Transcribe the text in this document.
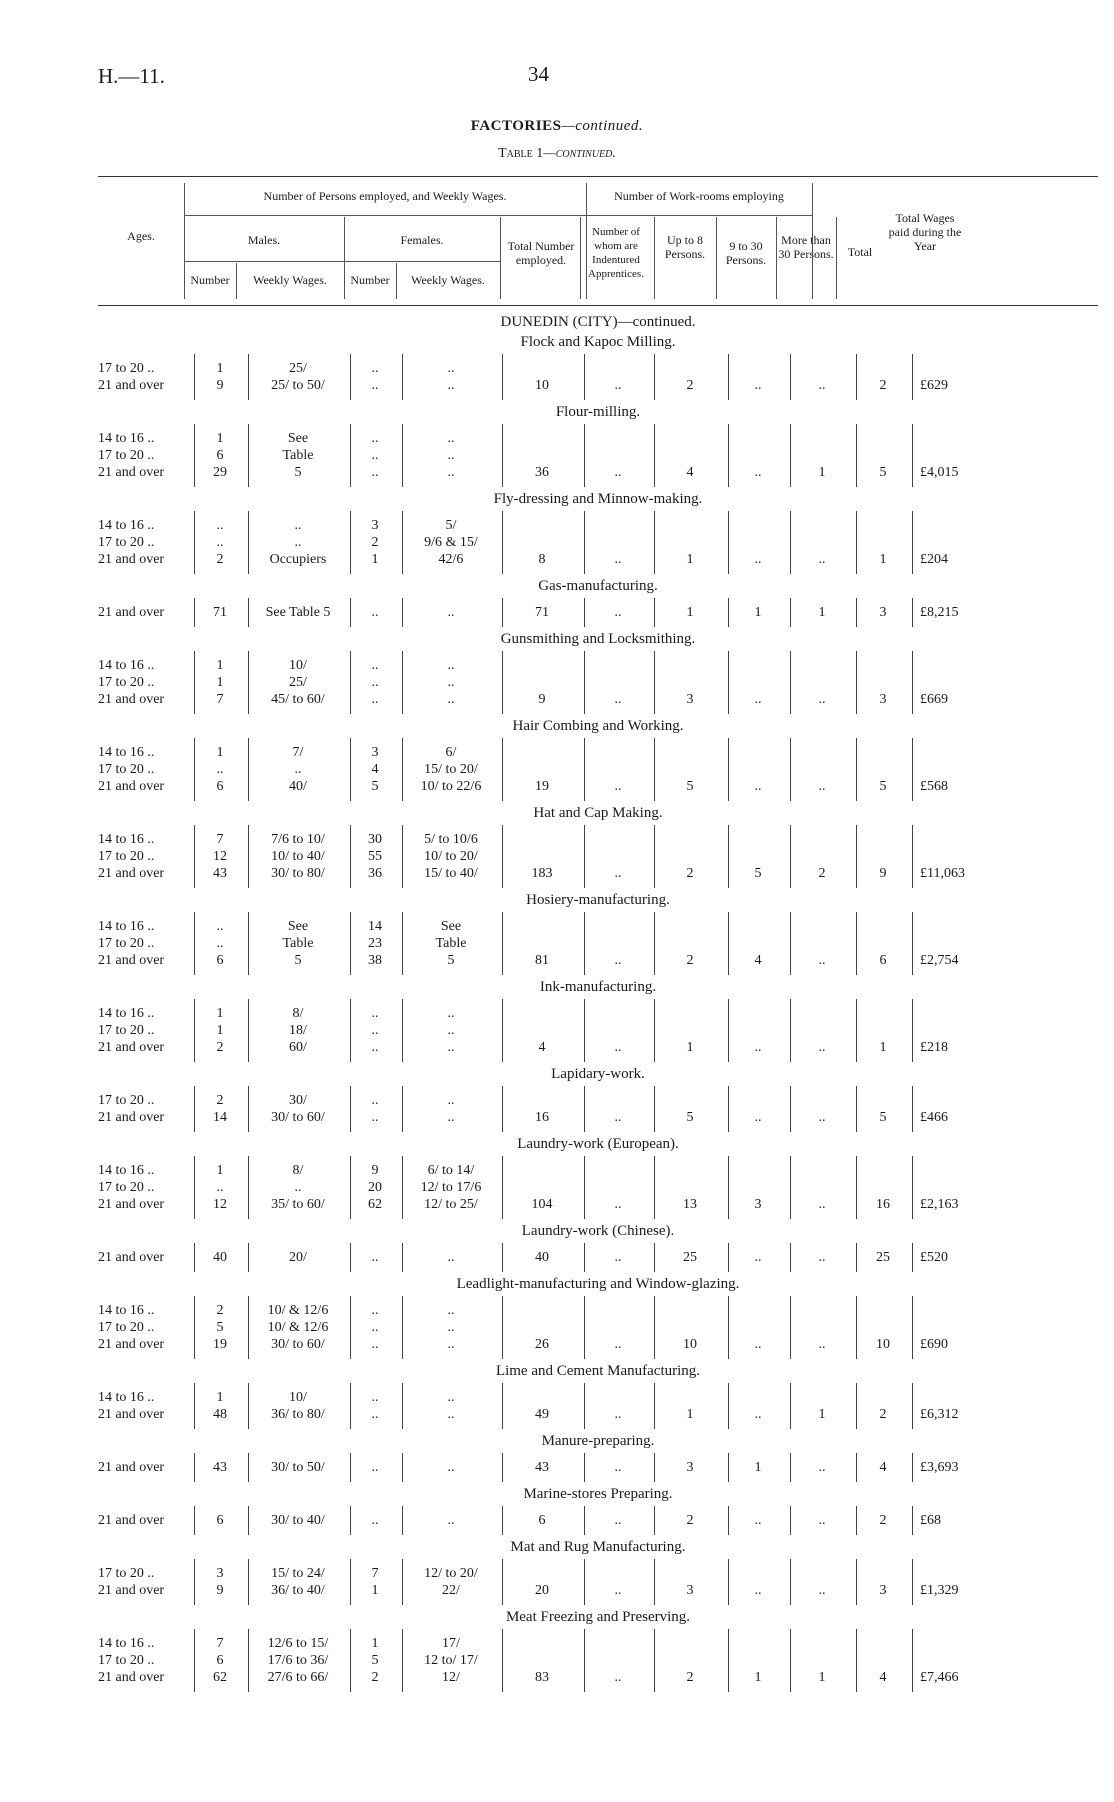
H.—11.	34
FACTORIES—continued.
Table 1—continued.
Ages.
Number of Persons employed, and Weekly Wages.	Number of Work-rooms employing
Males.	Females.
Number	Weekly Wages.	Number	Weekly Wages.
Total Number employed.
Number of whom are Indentured Apprentices.
Up to 8 Persons.
9 to 30 Persons.
More than 30 Persons.	Total
Total Wages paid during the Year
DUNEDIN (CITY)—continued.
Flock and Kapoc Milling.
17 to 20 ..	1	25/	..	..
21 and over	9	25/ to 50/	..	..	10	..	2	..	..	2	£629
Flour-milling.
14 to 16 ..	1	See	..	..
17 to 20 ..	6	Table	..	..
21 and over	29	5	..	..	36	..	4	..	1	5	£4,015
Fly-dressing and Minnow-making.
14 to 16 ..	..	..	3	5/
17 to 20 ..	..	..	2	9/6 & 15/
21 and over	2	Occupiers	1	42/6	8	..	1	..	..	1	£204
Gas-manufacturing.
21 and over	71	See Table 5	..	..	71	..	1	1	1	3	£8,215
Gunsmithing and Locksmithing.
14 to 16 ..	1	10/	..	..
17 to 20 ..	1	25/	..	..
21 and over	7	45/ to 60/	..	..	9	..	3	..	..	3	£669
Hair Combing and Working.
14 to 16 ..	1	7/	3	6/
17 to 20 ..	..	..	4	15/ to 20/
21 and over	6	40/	5	10/ to 22/6	19	..	5	..	..	5	£568
Hat and Cap Making.
14 to 16 ..	7	7/6 to 10/	30	5/ to 10/6
17 to 20 ..	12	10/ to 40/	55	10/ to 20/
21 and over	43	30/ to 80/	36	15/ to 40/	183	..	2	5	2	9	£11,063
Hosiery-manufacturing.
14 to 16 ..	..	See	14	See
17 to 20 ..	..	Table	23	Table
21 and over	6	5	38	5	81	..	2	4	..	6	£2,754
Ink-manufacturing.
14 to 16 ..	1	8/	..	..
17 to 20 ..	1	18/	..	..
21 and over	2	60/	..	..	4	..	1	..	..	1	£218
Lapidary-work.
17 to 20 ..	2	30/	..	..
21 and over	14	30/ to 60/	..	..	16	..	5	..	..	5	£466
Laundry-work (European).
14 to 16 ..	1	8/	9	6/ to 14/
17 to 20 ..	..	..	20	12/ to 17/6
21 and over	12	35/ to 60/	62	12/ to 25/	104	..	13	3	..	16	£2,163
Laundry-work (Chinese).
21 and over	40	20/	..	..	40	..	25	..	..	25	£520
Leadlight-manufacturing and Window-glazing.
14 to 16 ..	2	10/ & 12/6	..	..
17 to 20 ..	5	10/ & 12/6	..	..
21 and over	19	30/ to 60/	..	..	26	..	10	..	..	10	£690
Lime and Cement Manufacturing.
14 to 16 ..	1	10/	..	..
21 and over	48	36/ to 80/	..	..	49	..	1	..	1	2	£6,312
Manure-preparing.
21 and over	43	30/ to 50/	..	..	43	..	3	1	..	4	£3,693
Marine-stores Preparing.
21 and over	6	30/ to 40/	..	..	6	..	2	..	..	2	£68
Mat and Rug Manufacturing.
17 to 20 ..	3	15/ to 24/	7	12/ to 20/
21 and over	9	36/ to 40/	1	22/	20	..	3	..	..	3	£1,329
Meat Freezing and Preserving.
14 to 16 ..	7	12/6 to 15/	1	17/
17 to 20 ..	6	17/6 to 36/	5	12 to/ 17/
21 and over	62	27/6 to 66/	2	12/	83	..	2	1	1	4	£7,466
